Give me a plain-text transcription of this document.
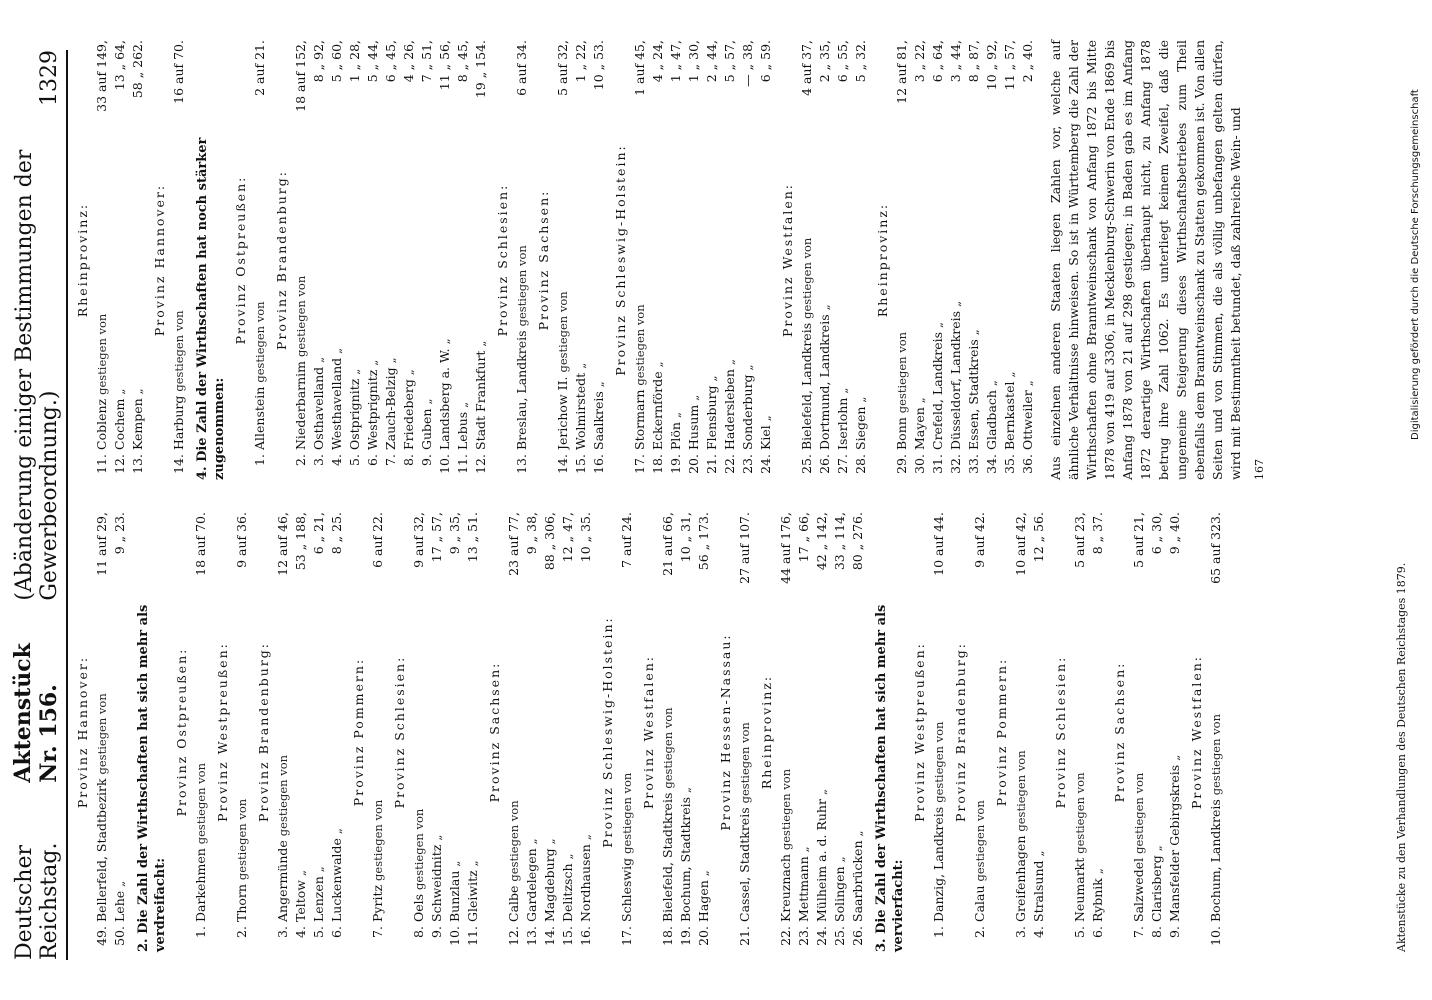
Deutscher Reichstag.
Aktenstück Nr. 156.
(Abänderung einiger Bestimmungen der Gewerbeordnung.)
1329
Provinz Hannover:
49.
Bellerfeld, Stadtbezirk gestiegen von
11 auf 29,
50.
Lehe „
9 „ 23.
2. Die Zahl der Wirthschaften hat sich mehr als verdreifacht:
Provinz Ostpreußen:
1.
Darkehmen gestiegen von
18 auf 70.
Provinz Westpreußen:
2.
Thorn gestiegen von
9 auf 36.
Provinz Brandenburg:
3.
Angermünde gestiegen von
12 auf 46,
4.
Teltow „
53 „ 188,
5.
Lenzen „
6 „ 21,
6.
Luckenwalde „
8 „ 25.
Provinz Pommern:
7.
Pyritz gestiegen von
6 auf 22.
Provinz Schlesien:
8.
Oels gestiegen von
9 auf 32,
9.
Schweidnitz „
17 „ 57,
10.
Bunzlau „
9 „ 35,
11.
Gleiwitz „
13 „ 51.
Provinz Sachsen:
12.
Calbe gestiegen von
23 auf 77,
13.
Gardelegen „
9 „ 38,
14.
Magdeburg „
88 „ 306,
15.
Delitzsch „
12 „ 47,
16.
Nordhausen „
10 „ 35.
Provinz Schleswig-Holstein:
17.
Schleswig gestiegen von
7 auf 24.
Provinz Westfalen:
18.
Bielefeld, Stadtkreis gestiegen von
21 auf 66,
19.
Bochum, Stadtkreis „
10 „ 31,
20.
Hagen „
56 „ 173.
Provinz Hessen-Nassau:
21.
Cassel, Stadtkreis gestiegen von
27 auf 107.
Rheinprovinz:
22.
Kreuznach gestiegen von
44 auf 176,
23.
Mettmann „
17 „ 66,
24.
Mülheim a. d. Ruhr „
42 „ 142,
25.
Solingen „
33 „ 114,
26.
Saarbrücken „
80 „ 276.
3. Die Zahl der Wirthschaften hat sich mehr als vervierfacht:
Provinz Westpreußen:
1.
Danzig, Landkreis gestiegen von
10 auf 44.
Provinz Brandenburg:
2.
Calau gestiegen von
9 auf 42.
Provinz Pommern:
3.
Greifenhagen gestiegen von
10 auf 42,
4.
Stralsund „
12 „ 56.
Provinz Schlesien:
5.
Neumarkt gestiegen von
5 auf 23,
6.
Rybnik „
8 „ 37.
Provinz Sachsen:
7.
Salzwedel gestiegen von
5 auf 21,
8.
Clarisberg „
6 „ 30,
9.
Mansfelder Gebirgskreis „
9 „ 40.
Provinz Westfalen:
10.
Bochum, Landkreis gestiegen von
65 auf 323.
Rheinprovinz:
11.
Coblenz gestiegen von
33 auf 149,
12.
Cochem „
13 „ 64,
13.
Kempen „
58 „ 262.
Provinz Hannover:
14.
Harburg gestiegen von
16 auf 70.
4. Die Zahl der Wirthschaften hat noch stärker zugenommen:
Provinz Ostpreußen:
1.
Allenstein gestiegen von
2 auf 21.
Provinz Brandenburg:
2.
Niederbarnim gestiegen von
18 auf 152,
3.
Osthavelland „
8 „ 92,
4.
Westhavelland „
5 „ 60,
5.
Ostprignitz „
1 „ 28,
6.
Westprignitz „
5 „ 44,
7.
Zauch-Belzig „
6 „ 45,
8.
Friedeberg „
4 „ 26,
9.
Guben „
7 „ 51,
10.
Landsberg a. W. „
11 „ 56,
11.
Lebus „
8 „ 45,
12.
Stadt Frankfurt „
19 „ 154.
Provinz Schlesien:
13.
Breslau, Landkreis gestiegen von
6 auf 34.
Provinz Sachsen:
14.
Jerichow II. gestiegen von
5 auf 32,
15.
Wolmirstedt „
1 „ 22,
16.
Saalkreis „
10 „ 53.
Provinz Schleswig-Holstein:
17.
Stormarn gestiegen von
1 auf 45,
18.
Eckernförde „
4 „ 24,
19.
Plön „
1 „ 47,
20.
Husum „
1 „ 30,
21.
Flensburg „
2 „ 44,
22.
Hadersleben „
5 „ 57,
23.
Sonderburg „
— „ 38,
24.
Kiel „
6 „ 59.
Provinz Westfalen:
25.
Bielefeld, Landkreis gestiegen von
4 auf 37,
26.
Dortmund, Landkreis „
2 „ 35,
27.
Iserlohn „
6 „ 55,
28.
Siegen „
5 „ 32.
Rheinprovinz:
29.
Bonn gestiegen von
12 auf 81,
30.
Mayen „
3 „ 22,
31.
Crefeld, Landkreis „
6 „ 64,
32.
Düsseldorf, Landkreis „
3 „ 44,
33.
Essen, Stadtkreis „
8 „ 87,
34.
Gladbach „
10 „ 92,
35.
Bernkastel „
11 „ 57,
36.
Ottweiler „
2 „ 40. Aus einzelnen anderen Staaten liegen Zahlen vor, welche auf ähnliche Verhältnisse hinweisen. So ist in Württemberg die Zahl der Wirthschaften ohne Branntweinschank von Anfang 1872 bis Mitte 1878 von 419 auf 3306, in Mecklenburg-Schwerin von Ende 1869 bis Anfang 1878 von 21 auf 298 gestiegen; in Baden gab es im Anfang 1872 derartige Wirthschaften überhaupt nicht, zu Anfang 1878 betrug ihre Zahl 1062. Es unterliegt keinem Zweifel, daß die ungemeine Steigerung dieses Wirthschaftsbetriebes zum Theil ebenfalls dem Branntweinschank zu Statten gekommen ist. Von allen Seiten und von Stimmen, die als völlig unbefangen gelten dürfen, wird mit Bestimmtheit betundet, daß zahlreiche Wein- und 167
Aktenstücke zu den Verhandlungen des Deutschen Reichstages 1879.
Digitalisierung gefördert durch die Deutsche Forschungsgemeinschaft
